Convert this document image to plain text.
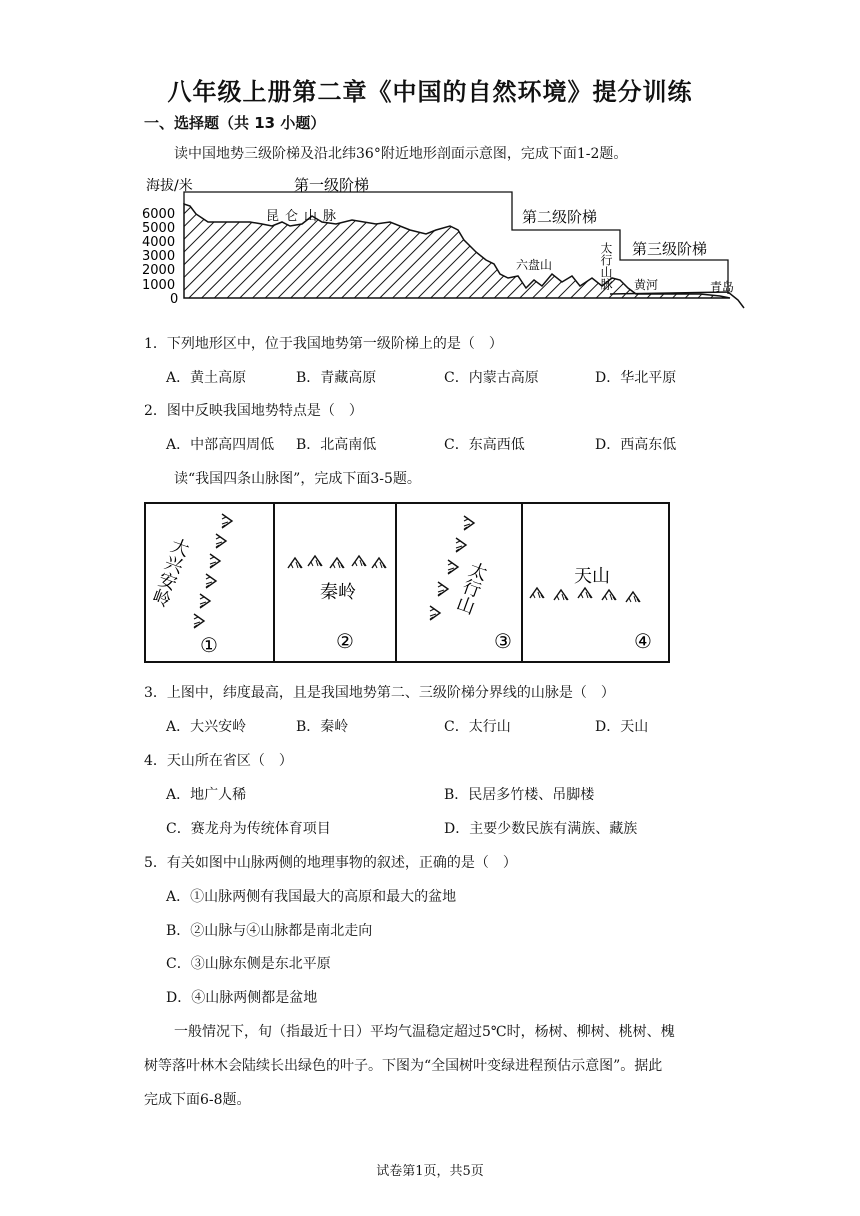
八年级上册第二章《中国的自然环境》提分训练
一、选择题（共 13 小题）
读中国地势三级阶梯及沿北纬36°附近地形剖面示意图，完成下面1-2题。
海拔/米
6000
5000
4000
3000
2000
1000
0
第一级阶梯
第二级阶梯
第三级阶梯
昆仑山脉
六盘山	太行山脉 黄河	青岛
1．下列地形区中，位于我国地势第一级阶梯上的是（　）
A．黄土高原	B．青藏高原	C．内蒙古高原	D．华北平原
2．图中反映我国地势特点是（　）
A．中部高四周低 B．北高南低	C．东高西低	D．西高东低
读“我国四条山脉图”，完成下面3-5题。
大兴安岭
①
秦岭
②
太行山
③
天山
④
3．上图中，纬度最高，且是我国地势第二、三级阶梯分界线的山脉是（　）
A．大兴安岭	B．秦岭	C．太行山	D．天山
4．天山所在省区（　）
A．地广人稀	B．民居多竹楼、吊脚楼
C．赛龙舟为传统体育项目	D．主要少数民族有满族、藏族
5．有关如图中山脉两侧的地理事物的叙述，正确的是（　）
A．①山脉两侧有我国最大的高原和最大的盆地
B．②山脉与④山脉都是南北走向
C．③山脉东侧是东北平原
D．④山脉两侧都是盆地
一般情况下，旬（指最近十日）平均气温稳定超过5℃时，杨树、柳树、桃树、槐
树等落叶林木会陆续长出绿色的叶子。下图为“全国树叶变绿进程预估示意图”。据此
完成下面6-8题。
试卷第1页，共5页
